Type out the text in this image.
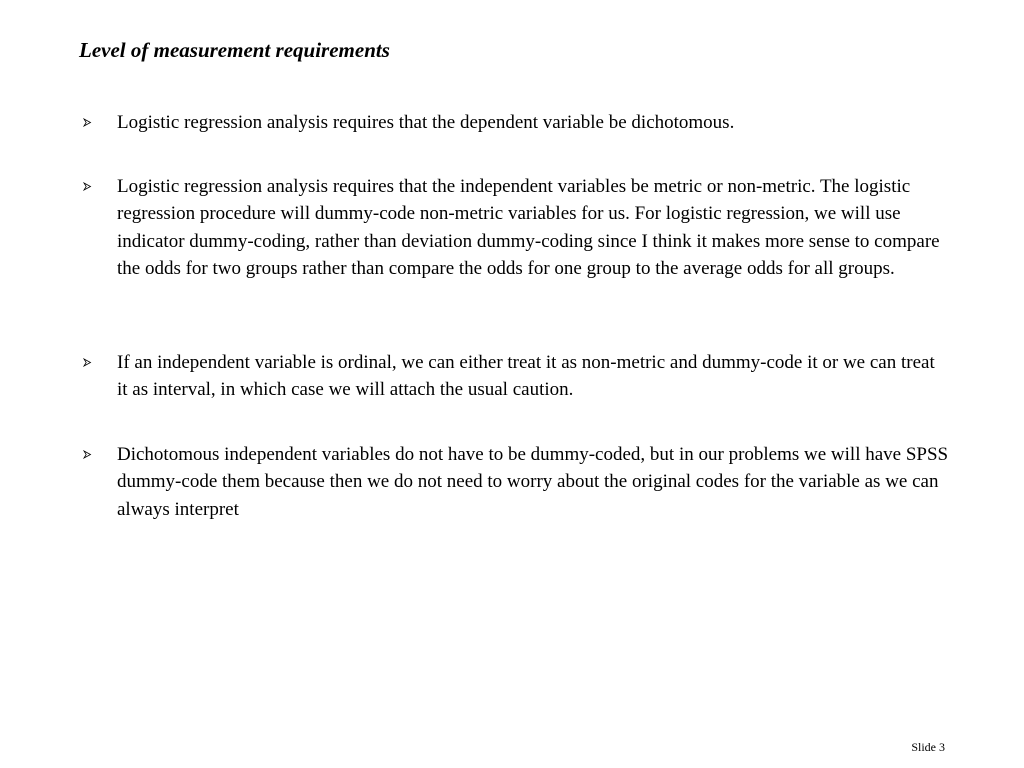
Level of measurement requirements
Logistic regression analysis requires that the dependent variable be dichotomous.
Logistic regression analysis requires that the independent variables be metric or non-metric. The logistic regression procedure will dummy-code non-metric variables for us. For logistic regression, we will use indicator dummy-coding, rather than deviation dummy-coding since I think it makes more sense to compare the odds for two groups rather than compare the odds for one group to the average odds for all groups.
If an independent variable is ordinal, we can either treat it as non-metric and dummy-code it or we can treat it as interval, in which case we will attach the usual caution.
Dichotomous independent variables do not have to be dummy-coded, but in our problems we will have SPSS dummy-code them because then we do not need to worry about the original codes for the variable as we can always interpret
Slide 3
